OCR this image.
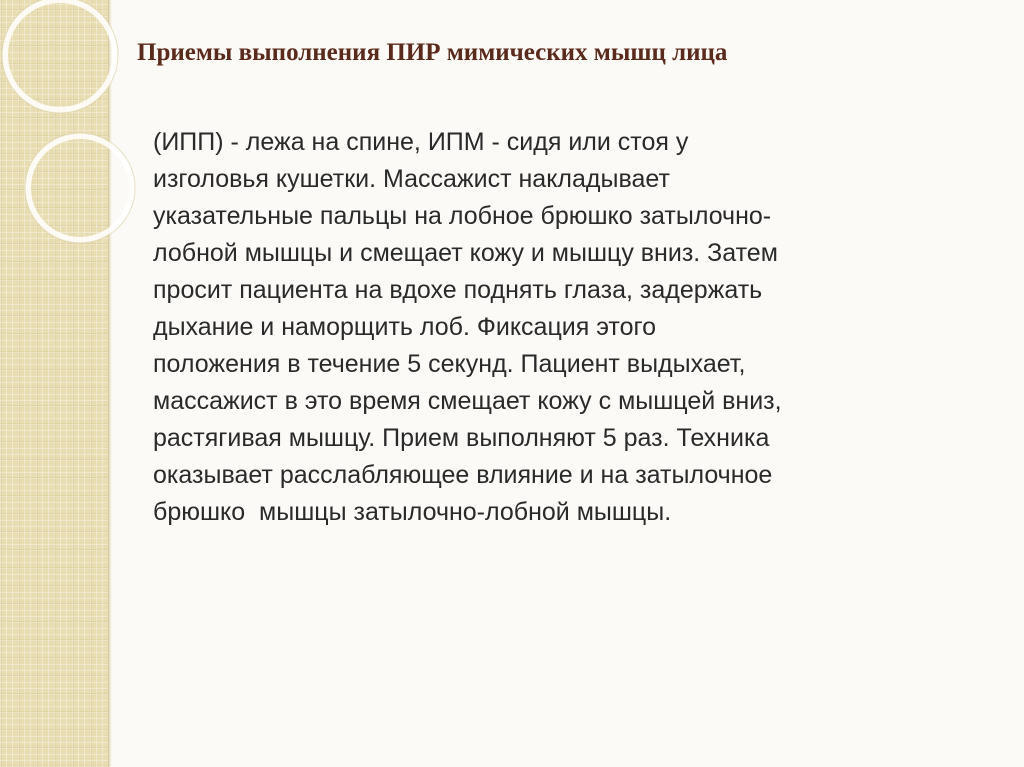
Приемы выполнения ПИР мимических мышц лица
(ИПП) - лежа на спине, ИПМ - сидя или стоя у
изголовья кушетки. Массажист накладывает
указательные пальцы на лобное брюшко затылочно-
лобной мышцы и смещает кожу и мышцу вниз. Затем
просит пациента на вдохе поднять глаза, задержать
дыхание и наморщить лоб. Фиксация этого
положения в течение 5 секунд. Пациент выдыхает,
массажист в это время смещает кожу с мышцей вниз,
растягивая мышцу. Прием выполняют 5 раз. Техника
оказывает расслабляющее влияние и на затылочное
брюшко  мышцы затылочно-лобной мышцы.
